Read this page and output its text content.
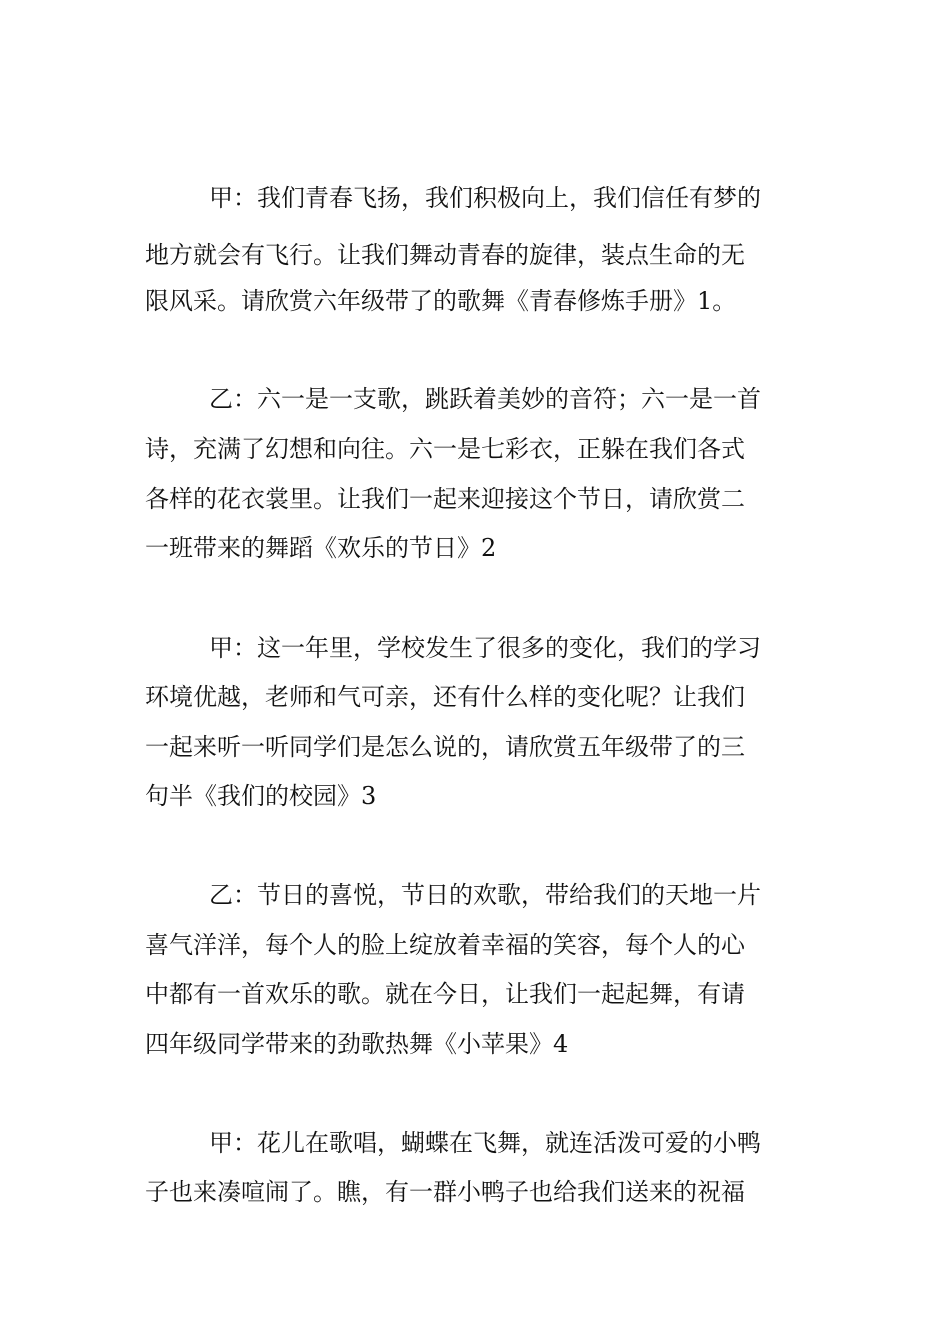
甲：我们青春飞扬，我们积极向上，我们信任有梦的
地方就会有飞行。让我们舞动青春的旋律，装点生命的无
限风采。请欣赏六年级带了的歌舞《青春修炼手册》1。
乙：六一是一支歌，跳跃着美妙的音符；六一是一首
诗，充满了幻想和向往。六一是七彩衣，正躲在我们各式
各样的花衣裳里。让我们一起来迎接这个节日，请欣赏二
一班带来的舞蹈《欢乐的节日》2
甲：这一年里，学校发生了很多的变化，我们的学习
环境优越，老师和气可亲，还有什么样的变化呢？让我们
一起来听一听同学们是怎么说的，请欣赏五年级带了的三
句半《我们的校园》3
乙：节日的喜悦，节日的欢歌，带给我们的天地一片
喜气洋洋，每个人的脸上绽放着幸福的笑容，每个人的心
中都有一首欢乐的歌。就在今日，让我们一起起舞，有请
四年级同学带来的劲歌热舞《小苹果》4
甲：花儿在歌唱，蝴蝶在飞舞，就连活泼可爱的小鸭
子也来凑喧闹了。瞧，有一群小鸭子也给我们送来的祝福
